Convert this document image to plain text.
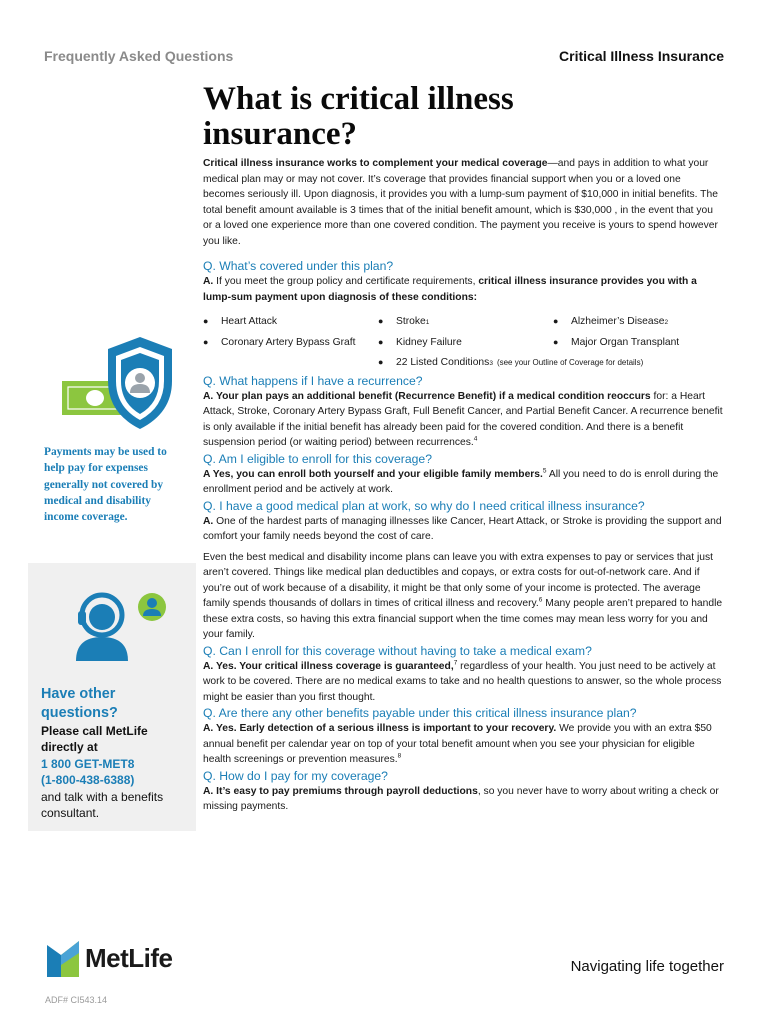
Frequently Asked Questions	Critical Illness Insurance
What is critical illness insurance?

Critical illness insurance works to complement your medical coverage—and pays in addition to what your medical plan may or may not cover. It’s coverage that provides financial support when you or a loved one becomes seriously ill. Upon diagnosis, it provides you with a lump-sum payment of $10,000 in initial benefits. The total benefit amount available is 3 times that of the initial benefit amount, which is $30,000 , in the event that you or a loved one experience more than one covered condition. The payment you receive is yours to spend however you like.

Q. What’s covered under this plan?

A. If you meet the group policy and certificate requirements, critical illness insurance provides you with a lump-sum payment upon diagnosis of these conditions:

●	Heart Attack	●	Stroke 1	●	Alzheimer’s Disease 2
●	Coronary Artery Bypass Graft	●	Kidney Failure	●	Major Organ Transplant
●	22 Listed Conditions 3 (see your Outline of Coverage for details)

Q. What happens if I have a recurrence?

A. Your plan pays an additional benefit (Recurrence Benefit) if a medical condition reoccurs for: a Heart Attack, Stroke, Coronary Artery Bypass Graft, Full Benefit Cancer, and Partial Benefit Cancer. A recurrence benefit is only available if the initial benefit has already been paid for the covered condition. And there is a benefit suspension period (or waiting period) between recurrences.$^4$

Q. Am I eligible to enroll for this coverage?

A Yes, you can enroll both yourself and your eligible family members.$^5$ All you need to do is enroll during the enrollment period and be actively at work.

Q. I have a good medical plan at work, so why do I need critical illness insurance?

A. One of the hardest parts of managing illnesses like Cancer, Heart Attack, or Stroke is providing the support and comfort your family needs beyond the cost of care.

Even the best medical and disability income plans can leave you with extra expenses to pay or services that just aren’t covered. Things like medical plan deductibles and copays, or extra costs for out-of-network care. And if you’re out of work because of a disability, it might be that only some of your income is protected. The average family spends thousands of dollars in times of critical illness and recovery.$^6$ Many people aren’t prepared to handle these extra costs, so having this extra financial support when the time comes may mean less worry for you and your family.

Q. Can I enroll for this coverage without having to take a medical exam?

A. Yes. Your critical illness coverage is guaranteed,$^7$ regardless of your health. You just need to be actively at work to be covered. There are no medical exams to take and no health questions to answer, so the whole process might be easier than you first thought.

Q. Are there any other benefits payable under this critical illness insurance plan?

A. Yes. Early detection of a serious illness is important to your recovery. We provide you with an extra $50 annual benefit per calendar year on top of your total benefit amount when you see your physician for eligible health screenings or prevention measures.$^8$

Q. How do I pay for my coverage?

A. It’s easy to pay premiums through payroll deductions, so you never have to worry about writing a check or missing payments.

Payments may be used to help pay for expenses generally not covered by medical and disability income coverage.
Have other questions?
Please call MetLife directly at
1 800 GET-MET8
(1-800-438-6388)
and talk with a benefits consultant.
MetLife	Navigating life together
ADF# CI543.14
